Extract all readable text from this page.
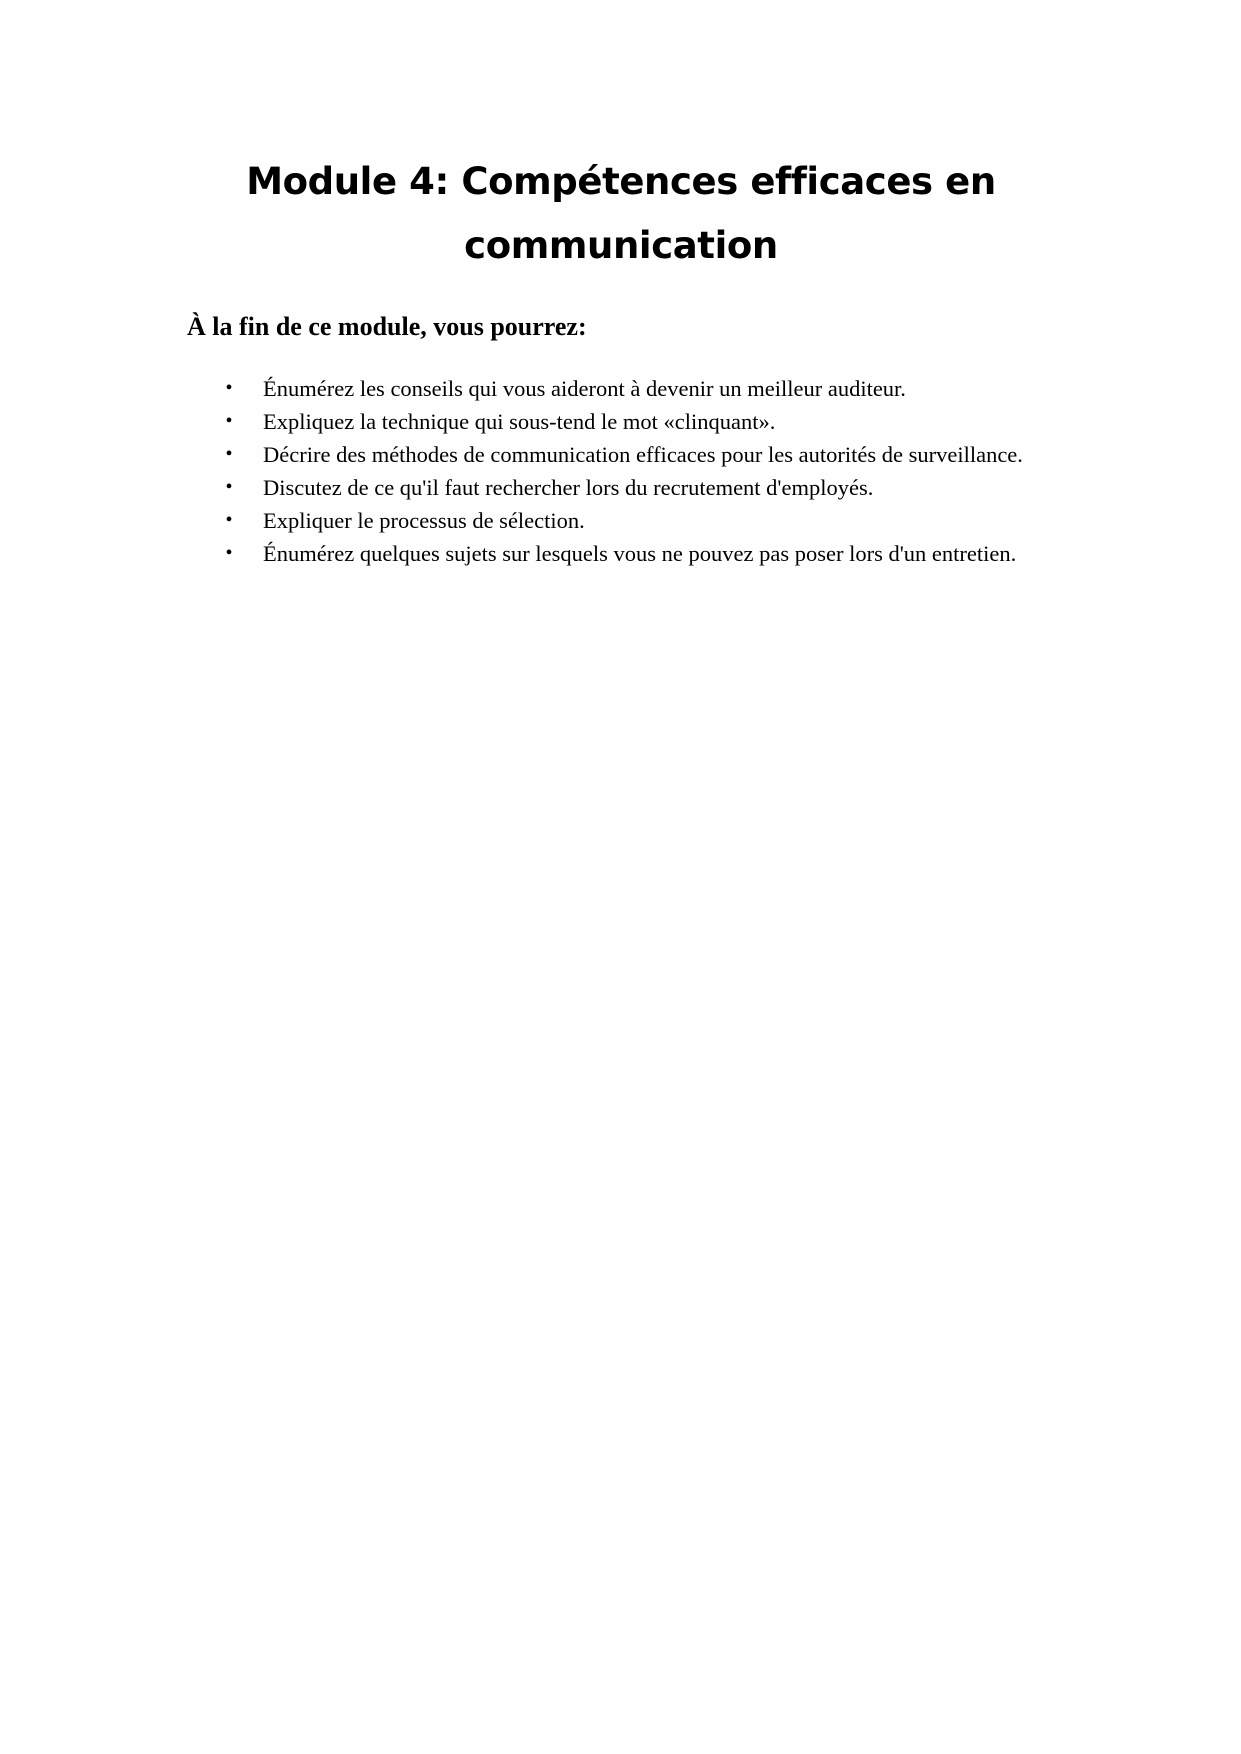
Module 4: Compétences efficaces en communication
À la fin de ce module, vous pourrez:
• Énumérez les conseils qui vous aideront à devenir un meilleur auditeur.
• Expliquez la technique qui sous-tend le mot «clinquant».
• Décrire des méthodes de communication efficaces pour les autorités de surveillance.
• Discutez de ce qu'il faut rechercher lors du recrutement d'employés.
• Expliquer le processus de sélection.
• Énumérez quelques sujets sur lesquels vous ne pouvez pas poser lors d'un entretien.
